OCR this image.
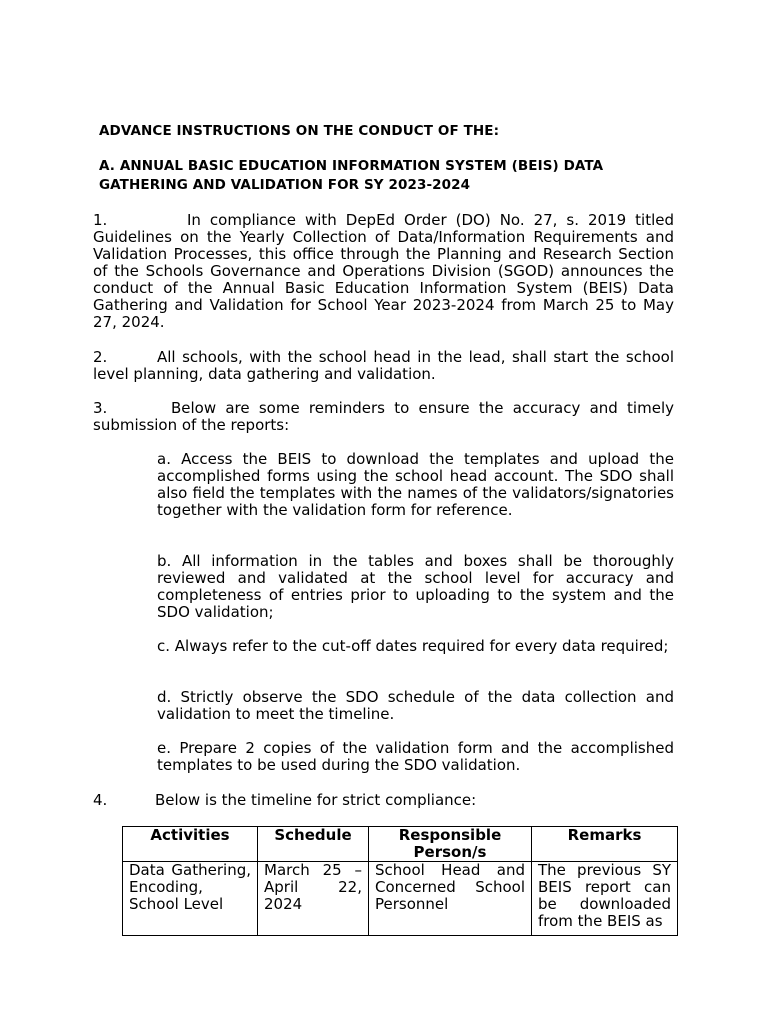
ADVANCE INSTRUCTIONS ON THE CONDUCT OF THE:

A. ANNUAL BASIC EDUCATION INFORMATION SYSTEM (BEIS) DATA

GATHERING AND VALIDATION FOR SY 2023-2024

1.	In compliance with DepEd Order (DO) No. 27, s. 2019 titled Guidelines on the Yearly Collection of Data/Information Requirements and Validation Processes, this office through the Planning and Research Section of the Schools Governance and Operations Division (SGOD) announces the conduct of the Annual Basic Education Information System (BEIS) Data Gathering and Validation for School Year 2023-2024 from March 25 to May 27, 2024.

2.	All schools, with the school head in the lead, shall start the school level planning, data gathering and validation.

3.	Below are some reminders to ensure the accuracy and timely submission of the reports:

a. Access the BEIS to download the templates and upload the accomplished forms using the school head account. The SDO shall also field the templates with the names of the validators/signatories together with the validation form for reference.

b. All information in the tables and boxes shall be thoroughly reviewed and validated at the school level for accuracy and completeness of entries prior to uploading to the system and the SDO validation;

c. Always refer to the cut-off dates required for every data required;

d. Strictly observe the SDO schedule of the data collection and validation to meet the timeline.

e. Prepare 2 copies of the validation form and the accomplished templates to be used during the SDO validation.

4.	Below is the timeline for strict compliance:

Activities	Schedule	Responsible Person/s	Remarks
Data Gathering, Encoding, School Level	March 25 – April 22, 2024	School Head and Concerned School Personnel	The previous SY BEIS report can be downloaded from the BEIS as
